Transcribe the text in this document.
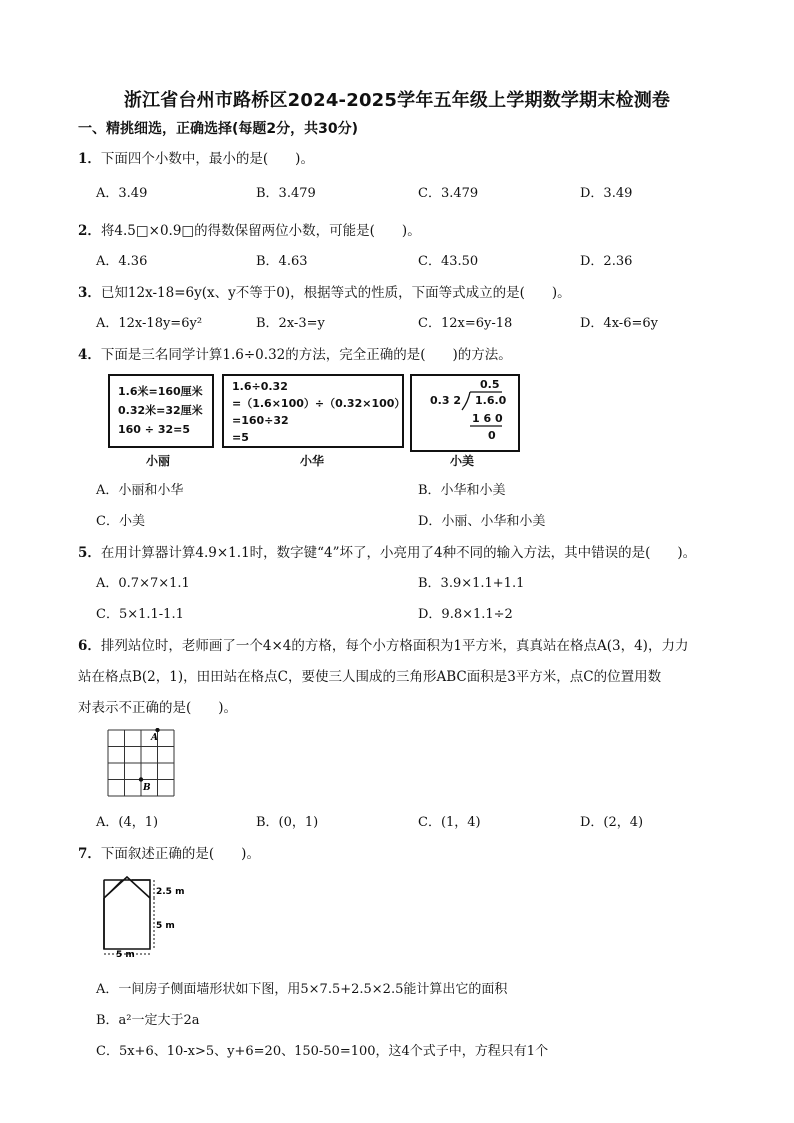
浙江省台州市路桥区2024-2025学年五年级上学期数学期末检测卷
一、精挑细选，正确选择(每题2分，共30分)
1．下面四个小数中，最小的是(　　)。
A．3.49	B．3.479	C．3.479	D．3.49
2．将4.5□×0.9□的得数保留两位小数，可能是(　　)。
A．4.36	B．4.63	C．43.50	D．2.36
3．已知12x-18=6y(x、y不等于0)，根据等式的性质，下面等式成立的是(　　)。
A．12x-18y=6y²	B．2x-3=y	C．12x=6y-18	D．4x-6=6y
4．下面是三名同学计算1.6÷0.32的方法，完全正确的是(　　)的方法。
1.6米=160厘米
0.32米=32厘米
160 ÷ 32=5
1.6÷0.32
=（1.6×100）÷（0.32×100）
=160÷32
=5
0.5
0.3 2 1.6.0
1 6 0
0
小丽	小华	小美
A．小丽和小华	B．小华和小美
C．小美	D．小丽、小华和小美
5．在用计算器计算4.9×1.1时，数字键“4”坏了，小亮用了4种不同的输入方法，其中错误的是(　　)。
A．0.7×7×1.1	B．3.9×1.1+1.1
C．5×1.1-1.1	D．9.8×1.1÷2
6．排列站位时，老师画了一个4×4的方格，每个小方格面积为1平方米，真真站在格点A(3，4)，力力
站在格点B(2，1)，田田站在格点C，要使三人围成的三角形ABC面积是3平方米，点C的位置用数
对表示不正确的是(　　)。
A
B
A．(4，1)	B．(0，1)	C．(1，4)	D．(2，4)
7．下面叙述正确的是(　　)。
2.5 m
5 m
5 m
A．一间房子侧面墙形状如下图，用5×7.5+2.5×2.5能计算出它的面积
B．a²一定大于2a
C．5x+6、10-x>5、y+6=20、150-50=100，这4个式子中，方程只有1个
